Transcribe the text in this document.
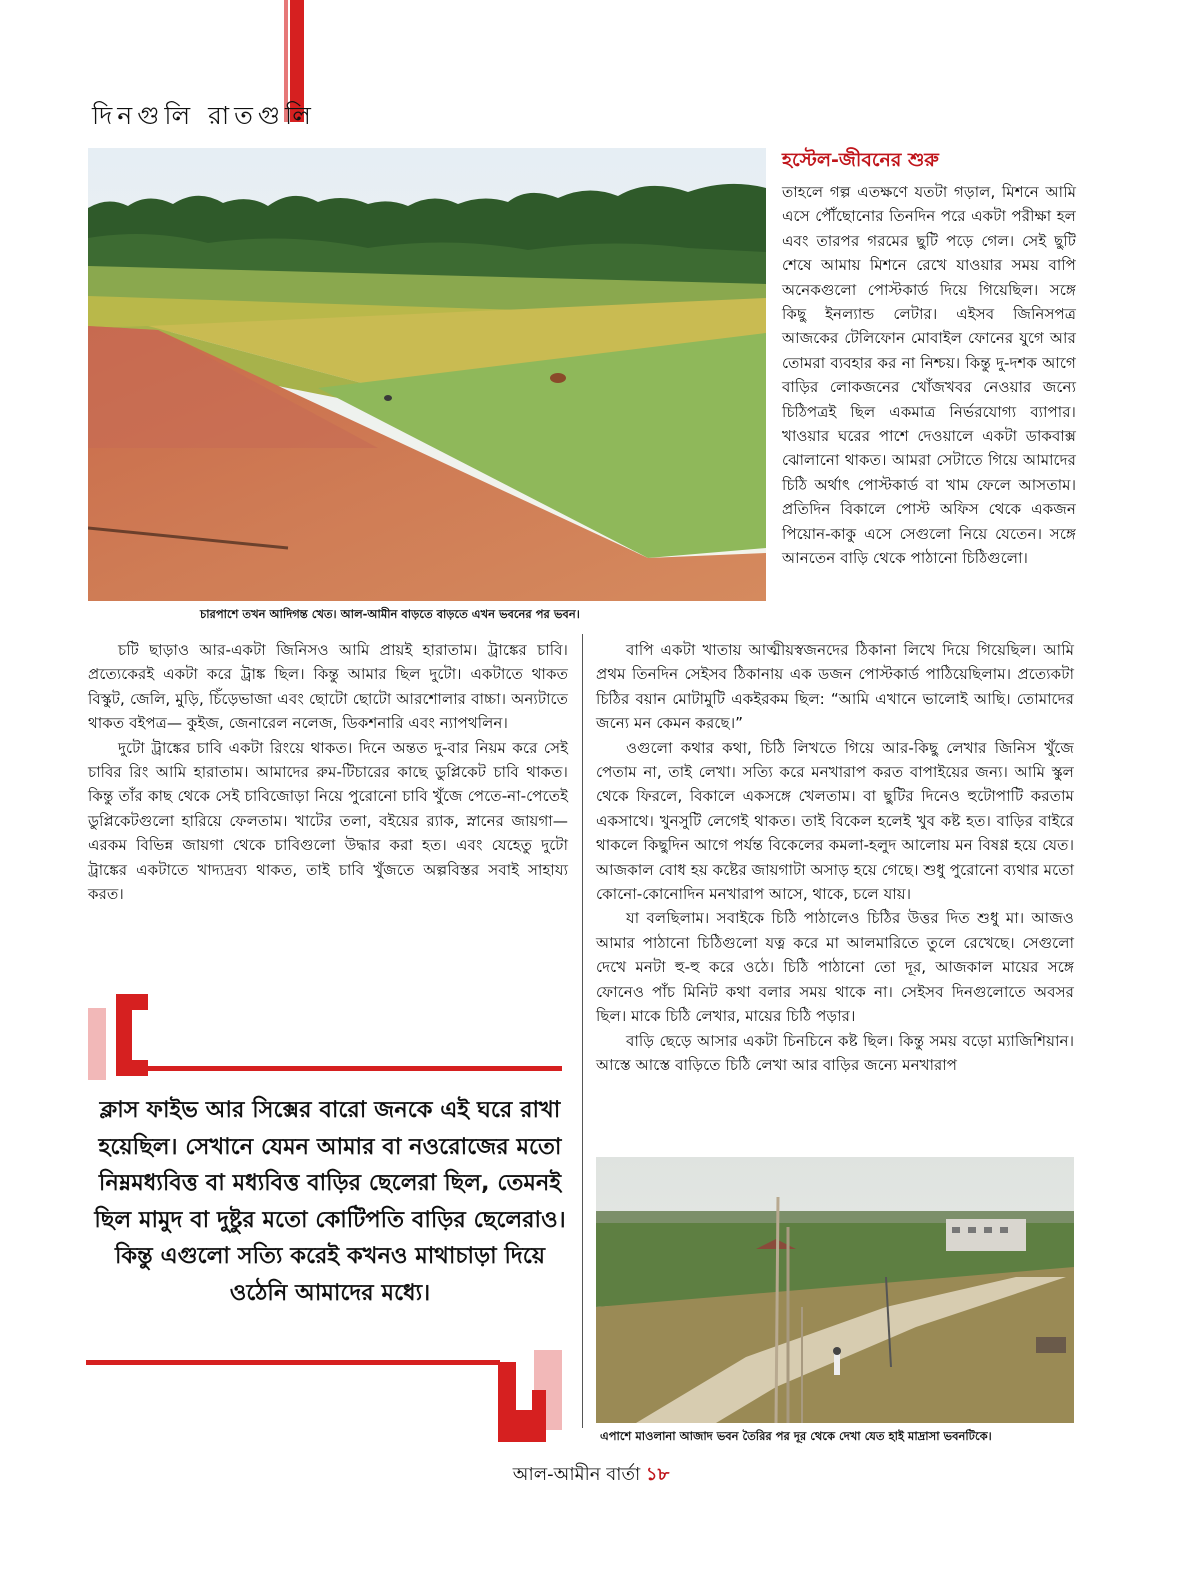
দিনগুলি রাতগুলি
চারপাশে তখন আদিগন্ত খেত। আল-আমীন বাড়তে বাড়তে এখন ভবনের পর ভবন।
হস্টেল-জীবনের শুরু

তাহলে গল্প এতক্ষণে যতটা গড়াল, মিশনে আমি এসে পৌঁছোনোর তিনদিন পরে একটা পরীক্ষা হল এবং তারপর গরমের ছুটি পড়ে গেল। সেই ছুটি শেষে আমায় মিশনে রেখে যাওয়ার সময় বাপি অনেকগুলো পোস্টকার্ড দিয়ে গিয়েছিল। সঙ্গে কিছু ইনল্যান্ড লেটার। এইসব জিনিসপত্র আজকের টেলিফোন মোবাইল ফোনের যুগে আর তোমরা ব্যবহার কর না নিশ্চয়। কিন্তু দু-দশক আগে বাড়ির লোকজনের খোঁজখবর নেওয়ার জন্যে চিঠিপত্রই ছিল একমাত্র নির্ভরযোগ্য ব্যাপার। খাওয়ার ঘরের পাশে দেওয়ালে একটা ডাকবাক্স ঝোলানো থাকত। আমরা সেটাতে গিয়ে আমাদের চিঠি অর্থাৎ পোস্টকার্ড বা খাম ফেলে আসতাম। প্রতিদিন বিকালে পোস্ট অফিস থেকে একজন পিয়োন-কাকু এসে সেগুলো নিয়ে যেতেন। সঙ্গে আনতেন বাড়ি থেকে পাঠানো চিঠিগুলো।

চটি ছাড়াও আর-একটা জিনিসও আমি প্রায়ই হারাতাম। ট্রাঙ্কের চাবি। প্রত্যেকেরই একটা করে ট্রাঙ্ক ছিল। কিন্তু আমার ছিল দুটো। একটাতে থাকত বিস্কুট, জেলি, মুড়ি, চিঁড়েভাজা এবং ছোটো ছোটো আরশোলার বাচ্চা। অন্যটাতে থাকত বইপত্র— কুইজ, জেনারেল নলেজ, ডিকশনারি এবং ন্যাপথলিন।

দুটো ট্রাঙ্কের চাবি একটা রিংয়ে থাকত। দিনে অন্তত দু-বার নিয়ম করে সেই চাবির রিং আমি হারাতাম। আমাদের রুম-টিচারের কাছে ডুপ্লিকেট চাবি থাকত। কিন্তু তাঁর কাছ থেকে সেই চাবিজোড়া নিয়ে পুরোনো চাবি খুঁজে পেতে-না-পেতেই ডুপ্লিকেটগুলো হারিয়ে ফেলতাম। খাটের তলা, বইয়ের র‍্যাক, স্নানের জায়গা— এরকম বিভিন্ন জায়গা থেকে চাবিগুলো উদ্ধার করা হত। এবং যেহেতু দুটো ট্রাঙ্কের একটাতে খাদ্যদ্রব্য থাকত, তাই চাবি খুঁজতে অল্পবিস্তর সবাই সাহায্য করত।

বাপি একটা খাতায় আত্মীয়স্বজনদের ঠিকানা লিখে দিয়ে গিয়েছিল। আমি প্রথম তিনদিন সেইসব ঠিকানায় এক ডজন পোস্টকার্ড পাঠিয়েছিলাম। প্রত্যেকটা চিঠির বয়ান মোটামুটি একইরকম ছিল: “আমি এখানে ভালোই আছি। তোমাদের জন্যে মন কেমন করছে।”

ওগুলো কথার কথা, চিঠি লিখতে গিয়ে আর-কিছু লেখার জিনিস খুঁজে পেতাম না, তাই লেখা। সত্যি করে মনখারাপ করত বাপাইয়ের জন্য। আমি স্কুল থেকে ফিরলে, বিকালে একসঙ্গে খেলতাম। বা ছুটির দিনেও হুটোপাটি করতাম একসাথে। খুনসুটি লেগেই থাকত। তাই বিকেল হলেই খুব কষ্ট হত। বাড়ির বাইরে থাকলে কিছুদিন আগে পর্যন্ত বিকেলের কমলা-হলুদ আলোয় মন বিষণ্ণ হয়ে যেত। আজকাল বোধ হয় কষ্টের জায়গাটা অসাড় হয়ে গেছে। শুধু পুরোনো ব্যথার মতো কোনো-কোনোদিন মনখারাপ আসে, থাকে, চলে যায়।

যা বলছিলাম। সবাইকে চিঠি পাঠালেও চিঠির উত্তর দিত শুধু মা। আজও আমার পাঠানো চিঠিগুলো যত্ন করে মা আলমারিতে তুলে রেখেছে। সেগুলো দেখে মনটা হু-হু করে ওঠে। চিঠি পাঠানো তো দূর, আজকাল মায়ের সঙ্গে ফোনেও পাঁচ মিনিট কথা বলার সময় থাকে না। সেইসব দিনগুলোতে অবসর ছিল। মাকে চিঠি লেখার, মায়ের চিঠি পড়ার।

বাড়ি ছেড়ে আসার একটা চিনচিনে কষ্ট ছিল। কিন্তু সময় বড়ো ম্যাজিশিয়ান। আস্তে আস্তে বাড়িতে চিঠি লেখা আর বাড়ির জন্যে মনখারাপ

ক্লাস ফাইভ আর সিক্সের বারো জনকে এই ঘরে রাখা হয়েছিল। সেখানে যেমন আমার বা নওরোজের মতো নিম্নমধ্যবিত্ত বা মধ্যবিত্ত বাড়ির ছেলেরা ছিল, তেমনই ছিল মামুদ বা দুষ্টুর মতো কোটিপতি বাড়ির ছেলেরাও। কিন্তু এগুলো সত্যি করেই কখনও মাথাচাড়া দিয়ে ওঠেনি আমাদের মধ্যে।
এপাশে মাওলানা আজাদ ভবন তৈরির পর দূর থেকে দেখা যেত হাই মাদ্রাসা ভবনটিকে।
আল-আমীন বার্তা ১৮
